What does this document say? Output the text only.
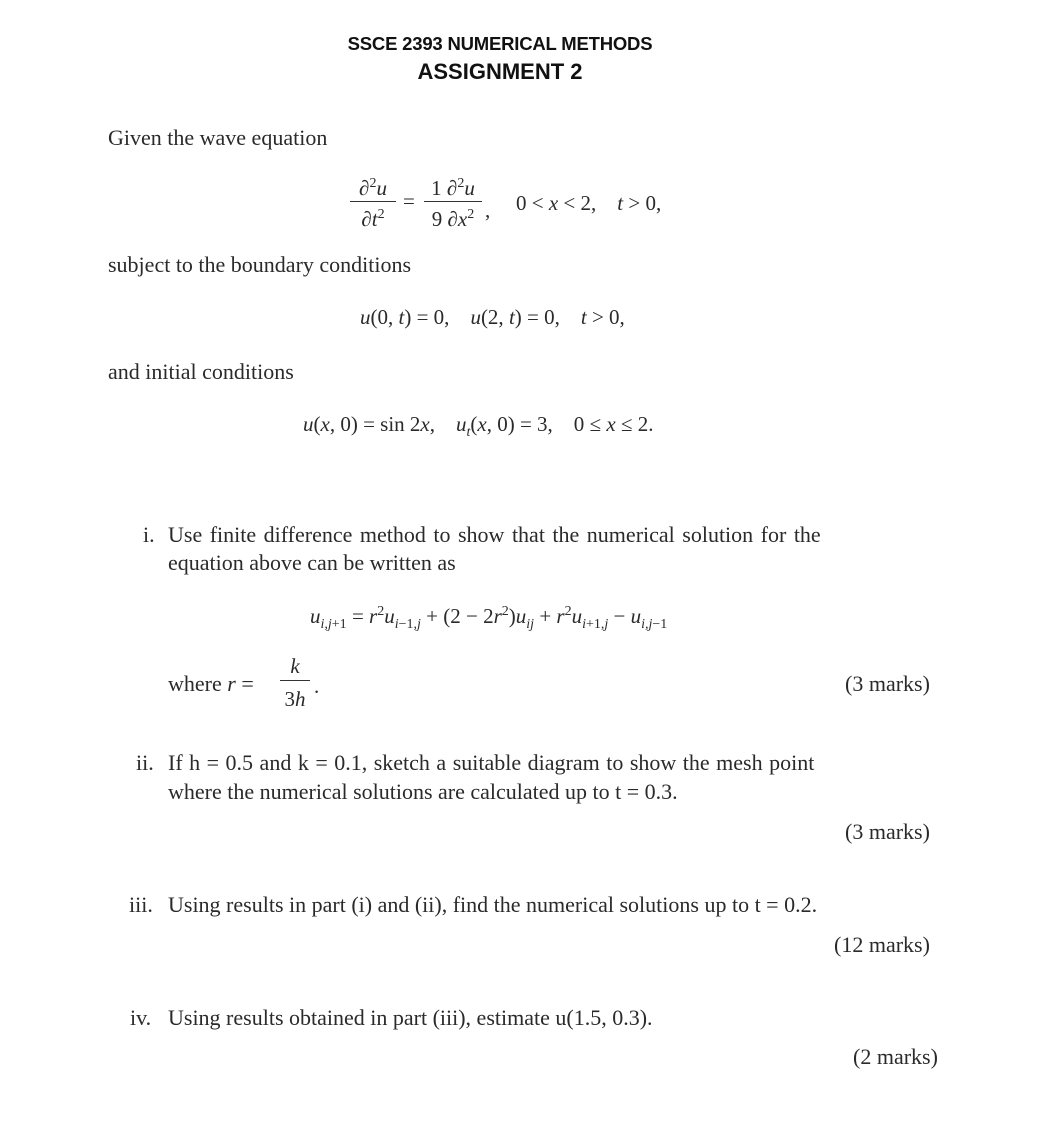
SSCE 2393 NUMERICAL METHODS
ASSIGNMENT 2
Given the wave equation
∂$^2$u
$\partial t^2$
=
1 ∂$^2$u
9 $\partial x^2$ , 0 < x < 2, t > 0,
subject to the boundary conditions
u(0, t) = 0,    u(2, t) = 0,    t > 0,
and initial conditions
u(x, 0) = sin 2x,    $u_t(x$, 0) = 3,    0 ≤ x ≤ 2.
i. Use finite difference method to show that the numerical solution for the
equation above can be written as
$u_{i,j+1} = r^2u_{i-1,j} + (2 - 2r^2)u_{ij} + r^2u_{i+1,j} - u_{i,j-1}$
where r =
k
3h
.	(3 marks)
ii. If h = 0.5 and k = 0.1, sketch a suitable diagram to show the mesh point
where the numerical solutions are calculated up to t = 0.3.
(3 marks)
iii. Using results in part (i) and (ii), find the numerical solutions up to t = 0.2.
(12 marks)
iv. Using results obtained in part (iii), estimate u(1.5, 0.3).
(2 marks)
